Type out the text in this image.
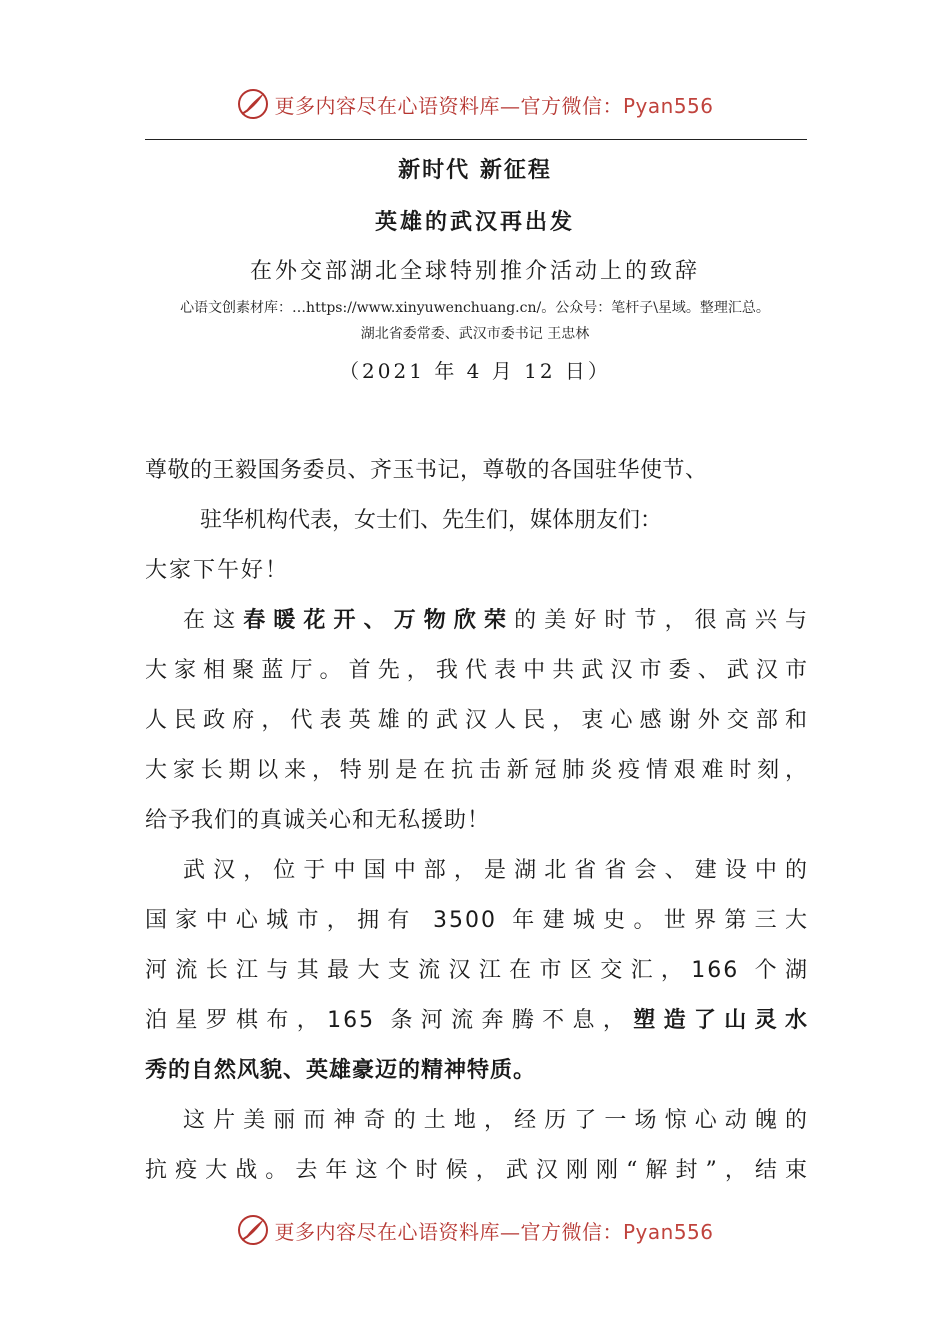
更多内容尽在心语资料库—官方微信：Pyan556
新时代 新征程
英雄的武汉再出发
在外交部湖北全球特别推介活动上的致辞
心语文创素材库：…https://www.xinyuwenchuang.cn/。公众号：笔杆子\星域。整理汇总。
湖北省委常委、武汉市委书记 王忠林
（2021 年 4 月 12 日）
尊敬的王毅国务委员、齐玉书记，尊敬的各国驻华使节、
驻华机构代表，女士们、先生们，媒体朋友们：
大家下午好！
在这春暖花开、万物欣荣的美好时节，很高兴与
大家相聚蓝厅。首先，我代表中共武汉市委、武汉市
人民政府，代表英雄的武汉人民，衷心感谢外交部和
大家长期以来，特别是在抗击新冠肺炎疫情艰难时刻，
给予我们的真诚关心和无私援助！
武汉，位于中国中部，是湖北省省会、建设中的
国家中心城市，拥有 3500 年建城史。世界第三大
河流长江与其最大支流汉江在市区交汇，166 个湖
泊星罗棋布，165 条河流奔腾不息，塑造了山灵水
秀的自然风貌、英雄豪迈的精神特质。
这片美丽而神奇的土地，经历了一场惊心动魄的
抗疫大战。去年这个时候，武汉刚刚“解封”，结束
更多内容尽在心语资料库—官方微信：Pyan556
